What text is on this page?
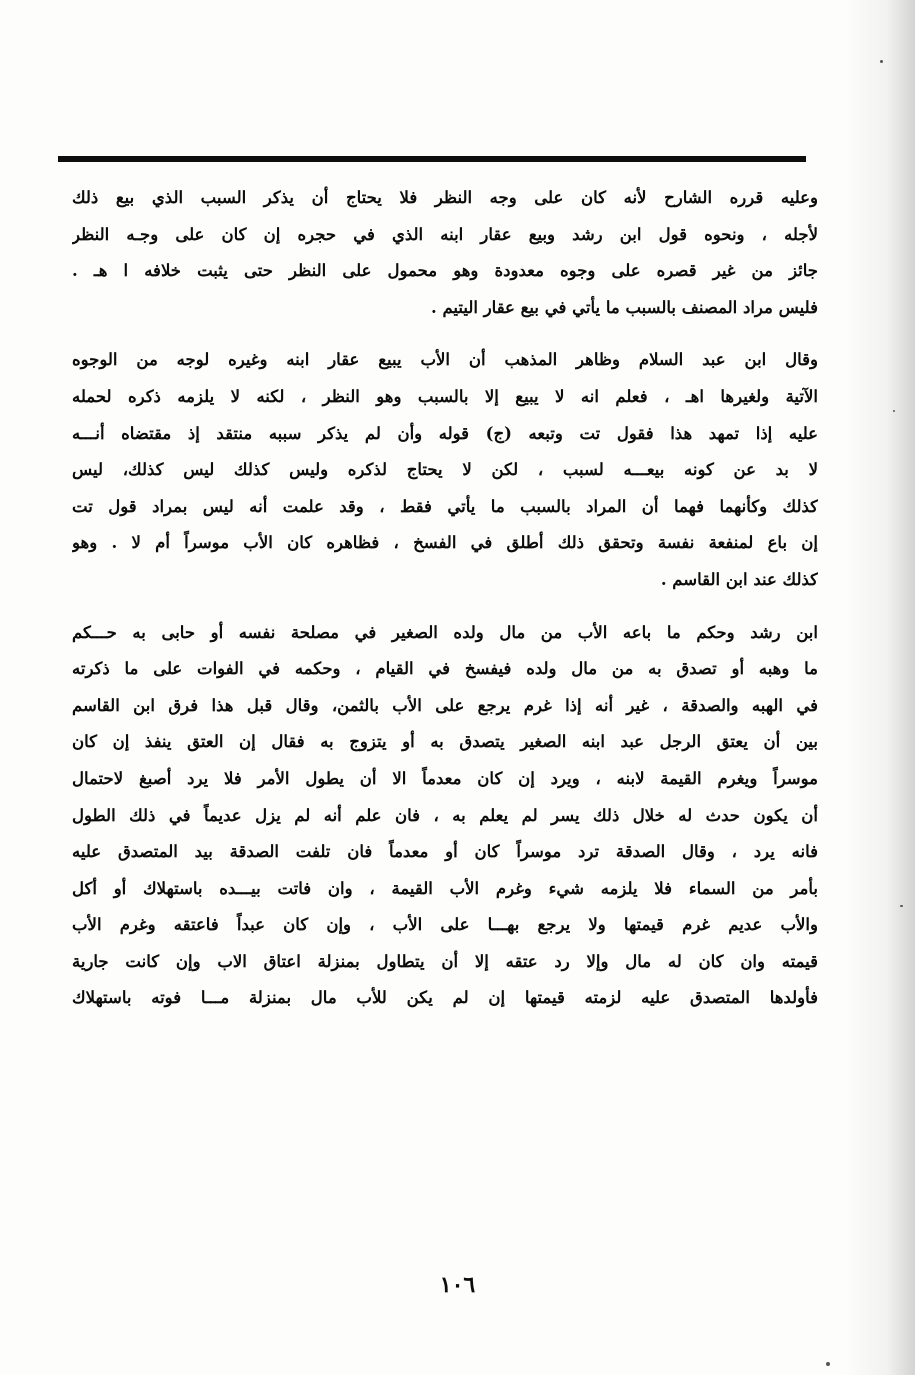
وعليه قرره الشارح لأنه كان على وجه النظر فلا يحتاج أن يذكر السبب الذي بيع ذلك
لأجله ، ونحوه قول ابن رشد وبيع عقار ابنه الذي في حجره إن كان على وجـه النظر
جائز من غير قصره على وجوه معدودة وهو محمول على النظر حتى يثبت خلافه ا هـ .
فليس مراد المصنف بالسبب ما يأتي في بيع عقار اليتيم .
وقال ابن عبد السلام وظاهر المذهب أن الأب يبيع عقار ابنه وغيره لوجه من الوجوه
الآتية ولغيرها اهـ ، فعلم انه لا يبيع إلا بالسبب وهو النظر ، لكنه لا يلزمه ذكره لحمله
عليه إذا تمهد هذا فقول تت وتبعه (ج) قوله وأن لم يذكر سببه منتقد إذ مقتضاه أنـــه
لا بد عن كونه بيعـــه لسبب ، لكن لا يحتاج لذكره وليس كذلك ليس كذلك، ليس
كذلك وكأنهما فهما أن المراد بالسبب ما يأتي فقط ، وقد علمت أنه ليس بمراد قول تت
إن باع لمنفعة نفسة وتحقق ذلك أطلق في الفسخ ، فظاهره كان الأب موسراً أم لا . وهو
كذلك عند ابن القاسم .
ابن رشد وحكم ما باعه الأب من مال ولده الصغير في مصلحة نفسه أو حابى به حـــكم
ما وهبه أو تصدق به من مال ولده فيفسخ في القيام ، وحكمه في الفوات على ما ذكرته
في الهبه والصدقة ، غير أنه إذا غرم يرجع على الأب بالثمن، وقال قبل هذا فرق ابن القاسم
بين أن يعتق الرجل عبد ابنه الصغير يتصدق به أو يتزوج به فقال إن العتق ينفذ إن كان
موسراً ويغرم القيمة لابنه ، ويرد إن كان معدماً الا أن يطول الأمر فلا يرد أصبغ لاحتمال
أن يكون حدث له خلال ذلك يسر لم يعلم به ، فان علم أنه لم يزل عديماً في ذلك الطول
فانه يرد ، وقال الصدقة ترد موسراً كان أو معدماً فان تلفت الصدقة بيد المتصدق عليه
بأمر من السماء فلا يلزمه شيء وغرم الأب القيمة ، وان فاتت بيـــده باستهلاك أو أكل
والأب عديم غرم قيمتها ولا يرجع بهـــا على الأب ، وإن كان عبداً فاعتقه وغرم الأب
قيمته وان كان له مال وإلا رد عتقه إلا أن يتطاول بمنزلة اعتاق الاب وإن كانت جارية
فأولدها المتصدق عليه لزمته قيمتها إن لم يكن للأب مال بمنزلة مـــا فوته باستهلاك
١٠٦
